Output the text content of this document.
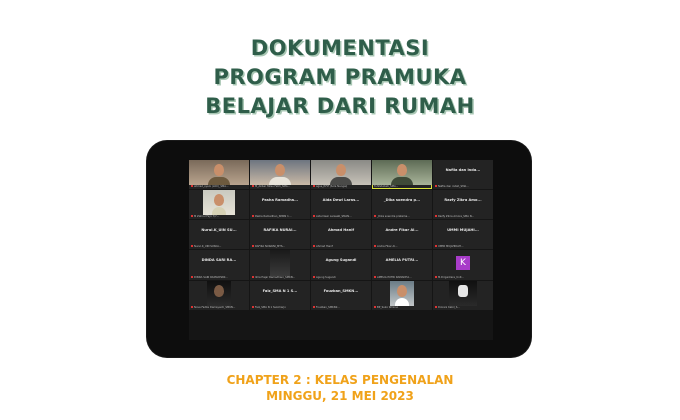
DOKUMENTASI
PROGRAM PRAMUKA
BELAJAR DARI RUMAH
ahmad_syeix (LOC)_SMA...	M_Akbar Tatsu Fatih_SMA...	agus_P.F.P (Sola Nangai)	Tuhfatullaili_SMA...
Nafila dan inda...
Nafila dan indah_SMA...
M Zahrul Fajri 7/7...
Pasha Ramadha...
Pasha Ramadhan_SMKN 1 ...
Aida Dewi Laras...
Aida Dewi Larasati_SMAN...
_Dika soendra p...
_Dika soendra pratama...
Razfy Zikra Amo...
Razfy Zikra Amora_SMA N...
Nurul.K_UIN SU...
Nurul.K_UIN SUSKA...
RAFIKA NURAI...
RAFIKA NURAINI_MTS...
Ahmad Hanif
Ahmad Hanif
Andre Fikar Al...
Andre Fikar Al...
UMMI MUJAHI...
UMMI MUJAHIDAH...
DINDA SARI RA...
DINDA SARI RAMADHAN...	Ilma Hajar Ramadhani_SMKN...
Agung Sugandi
Agung Sugandi
AMELIA PUTRI...
AMELIA PUTRI RAMADHA...
K
M.Dirgantara_Unit...
Nova Fadila Damayanti_SMKN...
Faiz_SMA N 1 S...
Faiz_SMA N 1 Sukoharjo
Fouzban_SMKN...
Fouzban_SMKN2...	BP_Suko Wiliono	Dioreni Kabil_S...
CHAPTER 2 : KELAS PENGENALAN
MINGGU, 21 MEI 2023
